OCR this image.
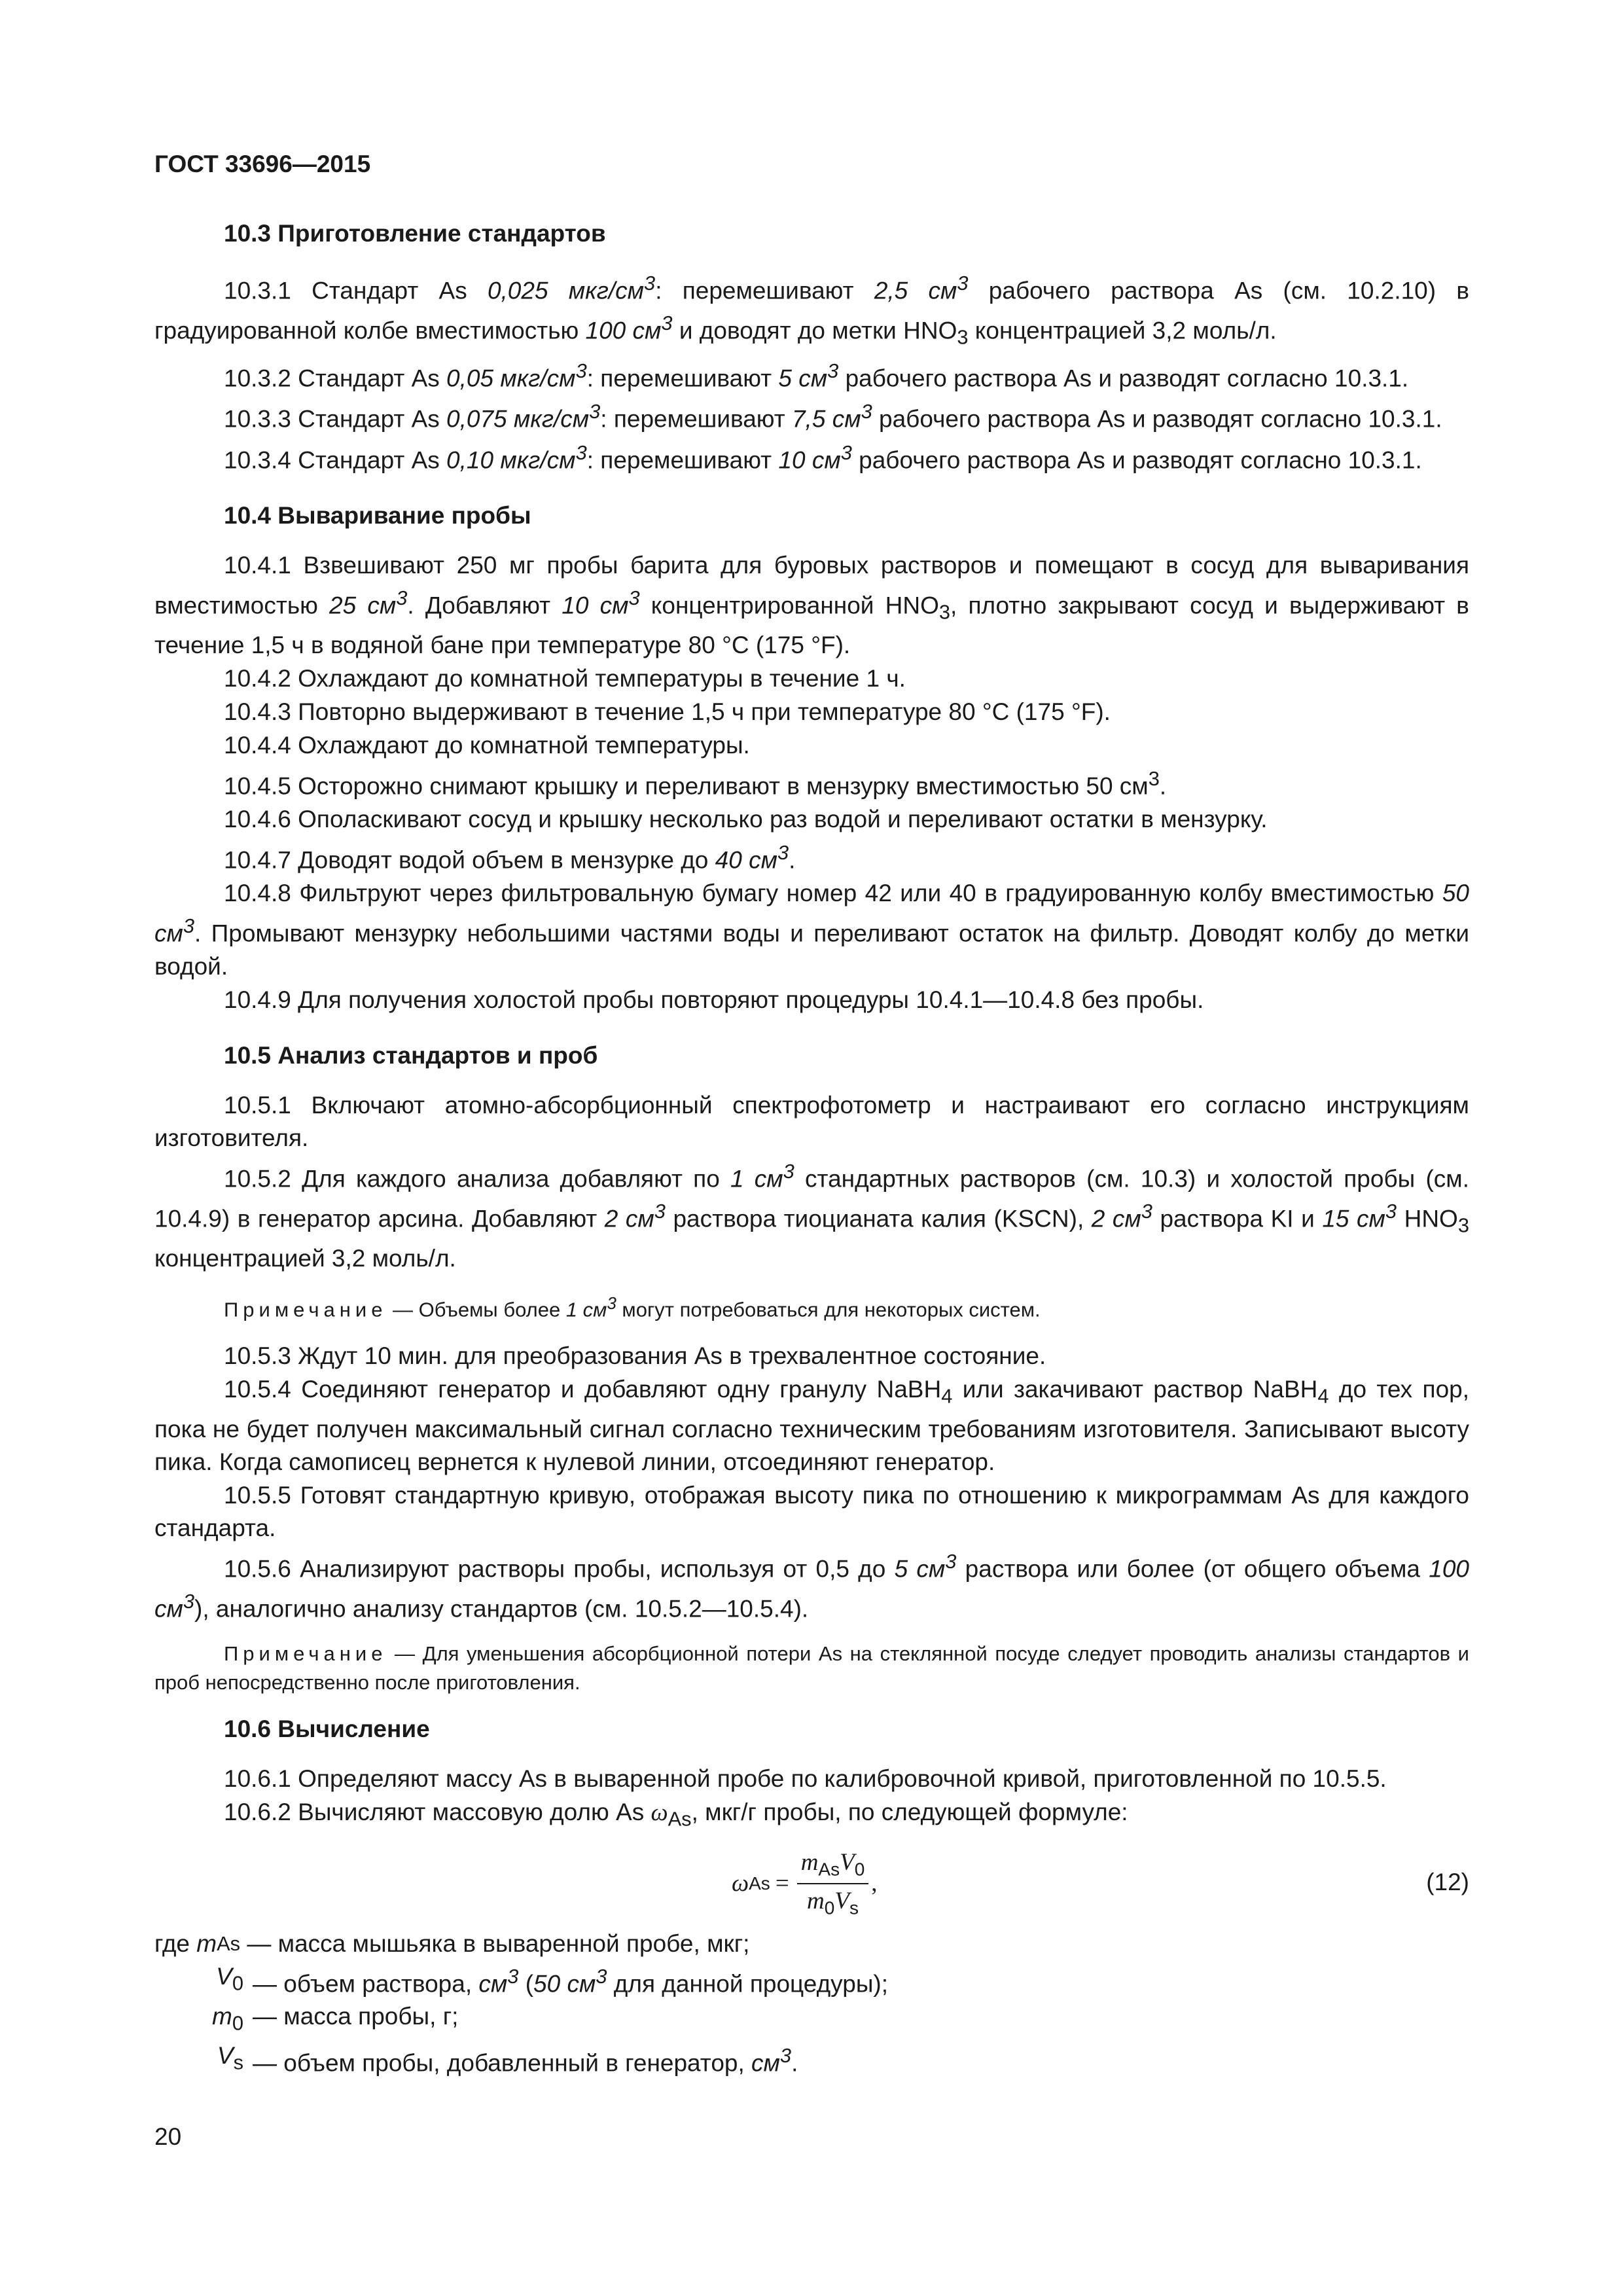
ГОСТ 33696—2015
10.3 Приготовление стандартов

10.3.1 Стандарт As 0,025 мкг/$см^3$: перемешивают 2,5 $см^3$ рабочего раствора As (см. 10.2.10) в градуированной колбе вместимостью 100 $см^3$ и доводят до метки $HNO_3$ концентрацией 3,2 моль/л.

10.3.2 Стандарт As 0,05 мкг/$см^3$: перемешивают 5 $см^3$ рабочего раствора As и разводят согласно 10.3.1.

10.3.3 Стандарт As 0,075 мкг/$см^3$: перемешивают 7,5 $см^3$ рабочего раствора As и разводят согласно 10.3.1.

10.3.4 Стандарт As 0,10 мкг/$см^3$: перемешивают 10 $см^3$ рабочего раствора As и разводят согласно 10.3.1.

10.4 Вываривание пробы

10.4.1 Взвешивают 250 мг пробы барита для буровых растворов и помещают в сосуд для вываривания вместимостью 25 $см^3$. Добавляют 10 $см^3$ концентрированной $HNO_3$, плотно закрывают сосуд и выдерживают в течение 1,5 ч в водяной бане при температуре 80 °С (175 °F).

10.4.2 Охлаждают до комнатной температуры в течение 1 ч.

10.4.3 Повторно выдерживают в течение 1,5 ч при температуре 80 °С (175 °F).

10.4.4 Охлаждают до комнатной температуры.

10.4.5 Осторожно снимают крышку и переливают в мензурку вместимостью 50 $см^3$.

10.4.6 Ополаскивают сосуд и крышку несколько раз водой и переливают остатки в мензурку.

10.4.7 Доводят водой объем в мензурке до 40 $см^3$.

10.4.8 Фильтруют через фильтровальную бумагу номер 42 или 40 в градуированную колбу вместимостью 50 $см^3$. Промывают мензурку небольшими частями воды и переливают остаток на фильтр. Доводят колбу до метки водой.

10.4.9 Для получения холостой пробы повторяют процедуры 10.4.1—10.4.8 без пробы.

10.5 Анализ стандартов и проб

10.5.1 Включают атомно-абсорбционный спектрофотометр и настраивают его согласно инструкциям изготовителя.

10.5.2 Для каждого анализа добавляют по 1 $см^3$ стандартных растворов (см. 10.3) и холостой пробы (см. 10.4.9) в генератор арсина. Добавляют 2 $см^3$ раствора тиоцианата калия (KSCN), 2 $см^3$ раствора KI и 15 $см^3$ $HNO_3$ концентрацией 3,2 моль/л.

Примечание — Объемы более 1 $см^3$ могут потребоваться для некоторых систем.

10.5.3 Ждут 10 мин. для преобразования As в трехвалентное состояние.

10.5.4 Соединяют генератор и добавляют одну гранулу NaBH$_4$ или закачивают раствор NaBH$_4$ до тех пор, пока не будет получен максимальный сигнал согласно техническим требованиям изготовителя. Записывают высоту пика. Когда самописец вернется к нулевой линии, отсоединяют генератор.

10.5.5 Готовят стандартную кривую, отображая высоту пика по отношению к микрограммам As для каждого стандарта.

10.5.6 Анализируют растворы пробы, используя от 0,5 до 5 $см^3$ раствора или более (от общего объема 100 $см^3$), аналогично анализу стандартов (см. 10.5.2—10.5.4).

Примечание — Для уменьшения абсорбционной потери As на стеклянной посуде следует проводить анализы стандартов и проб непосредственно после приготовления.
10.6 Вычисление

10.6.1 Определяют массу As в вываренной пробе по калибровочной кривой, приготовленной по 10.5.5.

10.6.2 Вычисляют массовую долю As $\omega_{As}$, мкг/г пробы, по следующей формуле:

ω $As = \frac{m_{As}V_0}{m_0V_s}$ ,	(12)
где m As — масса мышьяка в вываренной пробе, мкг;
$V_0$ — объем раствора, $см^3$ (50 $см^3$ для данной процедуры);
$m_0$ — масса пробы, г;
$V_s$ — объем пробы, добавленный в генератор, $см^3$.
20
